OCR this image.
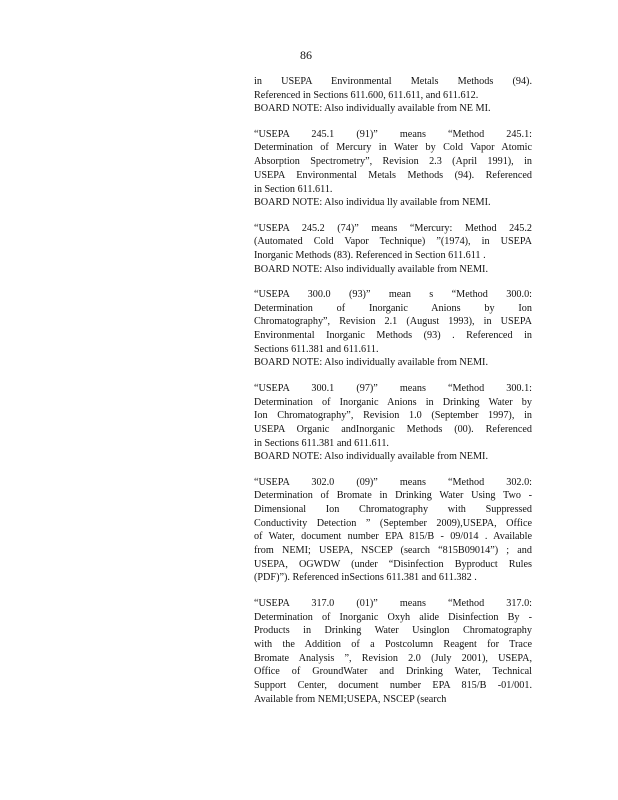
86
in USEPA Environmental Metals Methods (94).
Referenced in Sections 611.600, 611.611, and 611.612.
BOARD NOTE: Also individually available from NE MI.
“USEPA 245.1 (91)” means “Method 245.1:
Determination of Mercury in Water by Cold Vapor Atomic
Absorption Spectrometry”, Revision 2.3 (April 1991), in
USEPA Environmental Metals Methods (94). Referenced
in Section 611.611.
BOARD NOTE: Also individua lly available from NEMI.
“USEPA 245.2 (74)” means “Mercury: Method 245.2
(Automated Cold Vapor Technique) ”(1974), in USEPA
Inorganic Methods (83). Referenced in Section 611.611 .
BOARD NOTE: Also individually available from NEMI.
“USEPA 300.0 (93)” mean s “Method 300.0:
Determination of Inorganic Anions by Ion
Chromatography”, Revision 2.1 (August 1993), in USEPA
Environmental Inorganic Methods (93) . Referenced in
Sections 611.381 and 611.611.
BOARD NOTE: Also individually available from NEMI.
“USEPA 300.1 (97)” means “Method 300.1:
Determination of Inorganic Anions in Drinking Water by
Ion Chromatography”, Revision 1.0 (September 1997), in
USEPA Organic andInorganic Methods (00). Referenced
in Sections 611.381 and 611.611.
BOARD NOTE: Also individually available from NEMI.
“USEPA 302.0 (09)” means “Method 302.0:
Determination of Bromate in Drinking Water Using Two -
Dimensional Ion Chromatography with Suppressed
Conductivity Detection ” (September 2009),USEPA, Office
of Water, document number EPA 815/B - 09/014 . Available
from NEMI; USEPA, NSCEP (search “815B09014”) ; and
USEPA, OGWDW (under “Disinfection Byproduct Rules
(PDF)”). Referenced inSections 611.381 and 611.382 .
“USEPA 317.0 (01)” means “Method 317.0:
Determination of Inorganic Oxyh alide Disinfection By -
Products in Drinking Water Usinglon Chromatography
with the Addition of a Postcolumn Reagent for Trace
Bromate Analysis ”, Revision 2.0 (July 2001), USEPA,
Office of GroundWater and Drinking Water, Technical
Support Center, document number EPA 815/B -01/001.
Available from NEMI;USEPA, NSCEP (search
